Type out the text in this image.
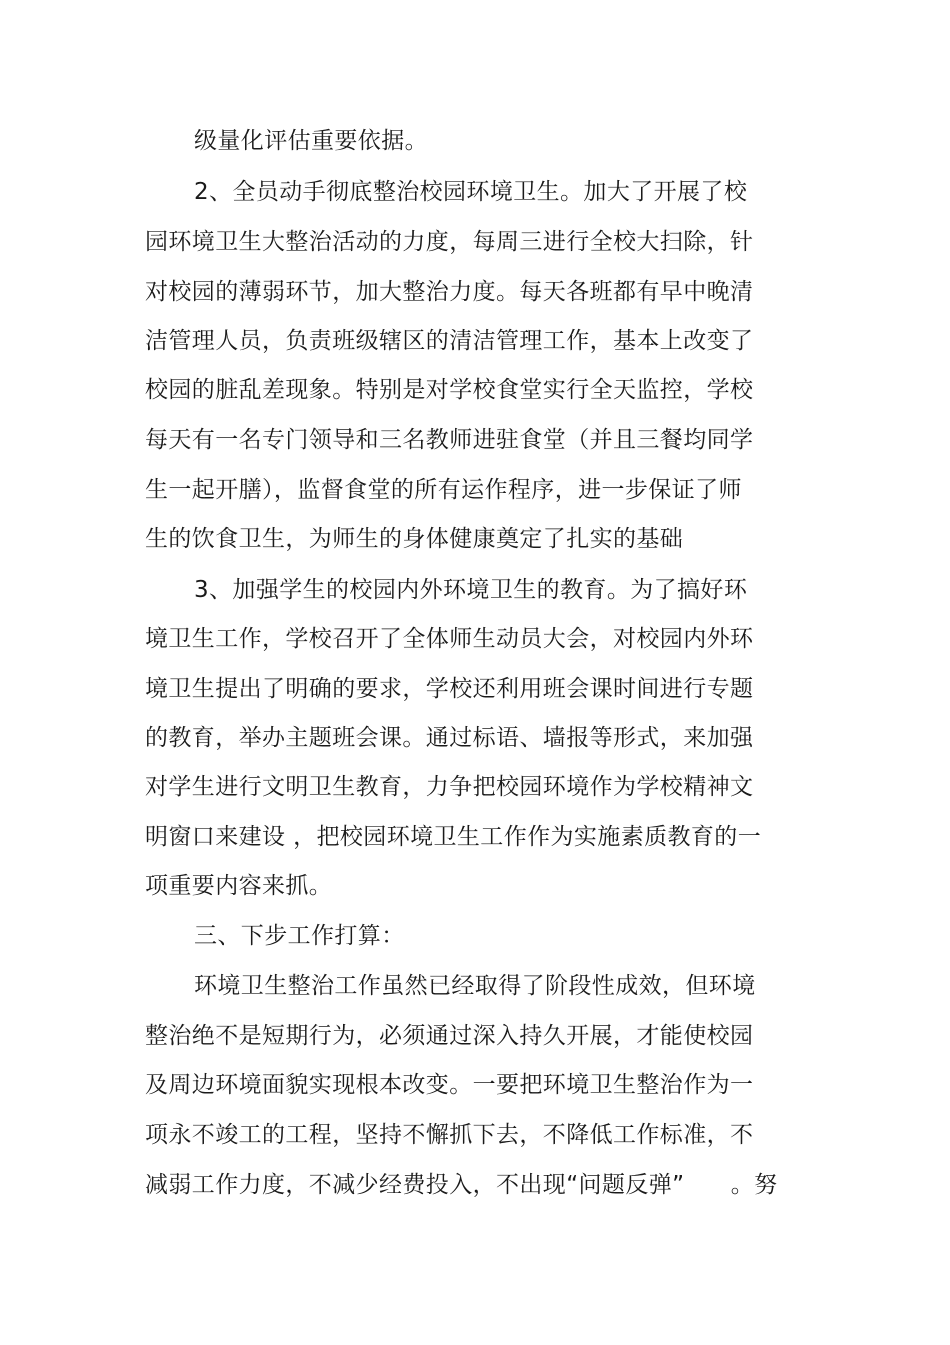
级量化评估重要依据。
2、全员动手彻底整治校园环境卫生。加大了开展了校
园环境卫生大整治活动的力度，每周三进行全校大扫除，针
对校园的薄弱环节，加大整治力度。每天各班都有早中晚清
洁管理人员，负责班级辖区的清洁管理工作，基本上改变了
校园的脏乱差现象。特别是对学校食堂实行全天监控，学校
每天有一名专门领导和三名教师进驻食堂（并且三餐均同学
生一起开膳），监督食堂的所有运作程序，进一步保证了师
生的饮食卫生，为师生的身体健康奠定了扎实的基础
3、加强学生的校园内外环境卫生的教育。为了搞好环
境卫生工作，学校召开了全体师生动员大会，对校园内外环
境卫生提出了明确的要求，学校还利用班会课时间进行专题
的教育，举办主题班会课。通过标语、墙报等形式，来加强
对学生进行文明卫生教育，力争把校园环境作为学校精神文
明窗口来建设 ，把校园环境卫生工作作为实施素质教育的一
项重要内容来抓。
三、下步工作打算：
环境卫生整治工作虽然已经取得了阶段性成效，但环境
整治绝不是短期行为，必须通过深入持久开展，才能使校园
及周边环境面貌实现根本改变。一要把环境卫生整治作为一
项永不竣工的工程，坚持不懈抓下去，不降低工作标准，不
减弱工作力度，不减少经费投入，不出现“问题反弹”      。努
